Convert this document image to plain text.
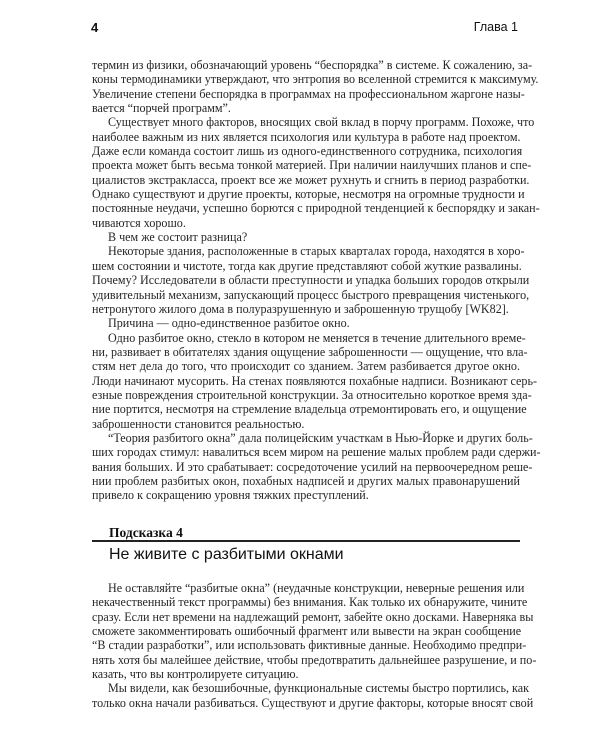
4	Глава 1
термин из физики, обозначающий уровень “беспорядка” в системе. К сожалению, за-
коны термодинамики утверждают, что энтропия во вселенной стремится к максимуму.
Увеличение степени беспорядка в программах на профессиональном жаргоне назы-
вается “порчей программ”.
Существует много факторов, вносящих свой вклад в порчу программ. Похоже, что
наиболее важным из них является психология или культура в работе над проектом.
Даже если команда состоит лишь из одного-единственного сотрудника, психология
проекта может быть весьма тонкой материей. При наличии наилучших планов и спе-
циалистов экстракласса, проект все же может рухнуть и сгнить в период разработки.
Однако существуют и другие проекты, которые, несмотря на огромные трудности и
постоянные неудачи, успешно борются с природной тенденцией к беспорядку и закан-
чиваются хорошо.
В чем же состоит разница?
Некоторые здания, расположенные в старых кварталах города, находятся в хоро-
шем состоянии и чистоте, тогда как другие представляют собой жуткие развалины.
Почему? Исследователи в области преступности и упадка больших городов открыли
удивительный механизм, запускающий процесс быстрого превращения чистенького,
нетронутого жилого дома в полуразрушенную и заброшенную трущобу [WK82].
Причина — одно-единственное разбитое окно.
Одно разбитое окно, стекло в котором не меняется в течение длительного време-
ни, развивает в обитателях здания ощущение заброшенности — ощущение, что вла-
стям нет дела до того, что происходит со зданием. Затем разбивается другое окно.
Люди начинают мусорить. На стенах появляются похабные надписи. Возникают серь-
езные повреждения строительной конструкции. За относительно короткое время зда-
ние портится, несмотря на стремление владельца отремонтировать его, и ощущение
заброшенности становится реальностью.
“Теория разбитого окна” дала полицейским участкам в Нью-Йорке и других боль-
ших городах стимул: навалиться всем миром на решение малых проблем ради сдержи-
вания больших. И это срабатывает: сосредоточение усилий на первоочередном реше-
нии проблем разбитых окон, похабных надписей и других малых правонарушений
привело к сокращению уровня тяжких преступлений.
Подсказка 4
Не живите с разбитыми окнами
Не оставляйте “разбитые окна” (неудачные конструкции, неверные решения или
некачественный текст программы) без внимания. Как только их обнаружите, чините
сразу. Если нет времени на надлежащий ремонт, забейте окно досками. Наверняка вы
сможете закомментировать ошибочный фрагмент или вывести на экран сообщение
“В стадии разработки”, или использовать фиктивные данные. Необходимо предпри-
нять хотя бы малейшее действие, чтобы предотвратить дальнейшее разрушение, и по-
казать, что вы контролируете ситуацию.
Мы видели, как безошибочные, функциональные системы быстро портились, как
только окна начали разбиваться. Существуют и другие факторы, которые вносят свой
